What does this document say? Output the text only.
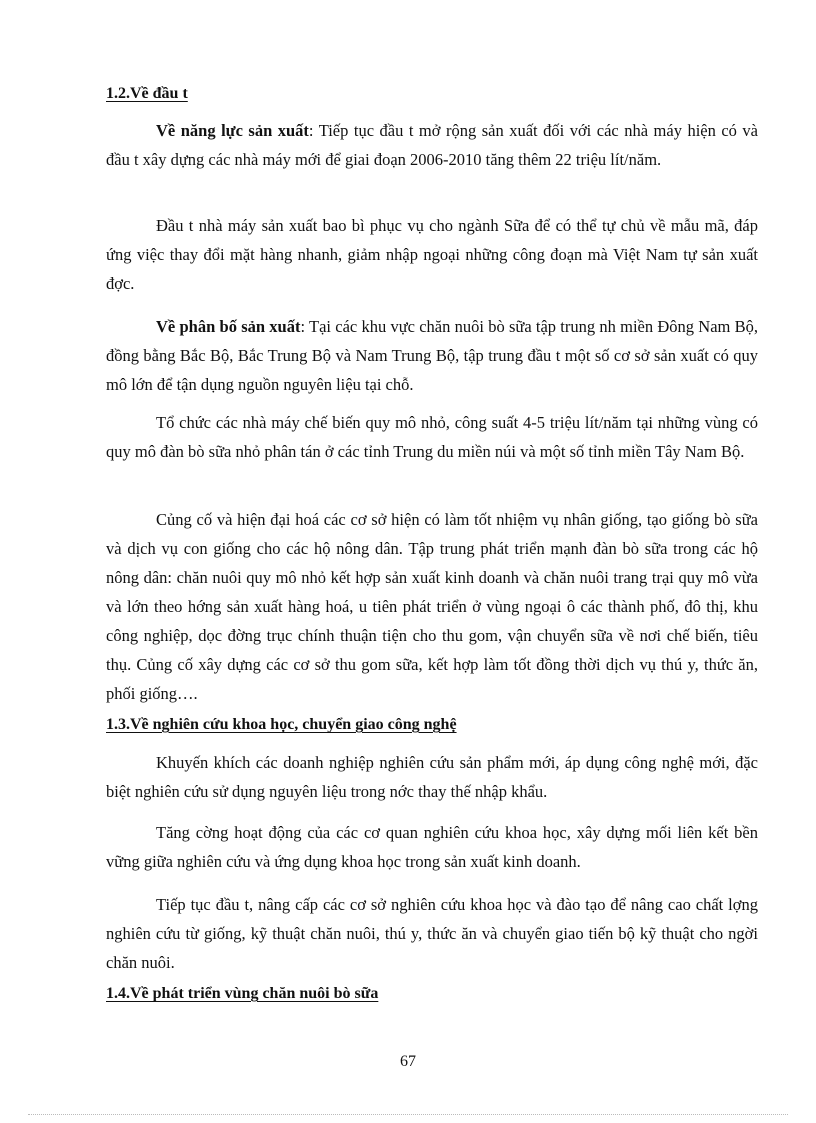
1.2.Về đầu t

Về năng lực sản xuất: Tiếp tục đầu t mở rộng sản xuất đối với các nhà máy hiện có và đầu t xây dựng các nhà máy mới để giai đoạn 2006-2010 tăng thêm 22 triệu lít/năm.

Đầu t nhà máy sản xuất bao bì phục vụ cho ngành Sữa để có thể tự chủ về mẫu mã, đáp ứng việc thay đổi mặt hàng nhanh, giảm nhập ngoại những công đoạn mà Việt Nam tự sản xuất đợc.

Về phân bố sản xuất: Tại các khu vực chăn nuôi bò sữa tập trung nh miền Đông Nam Bộ, đồng bằng Bắc Bộ, Bắc Trung Bộ và Nam Trung Bộ, tập trung đầu t một số cơ sở sản xuất có quy mô lớn để tận dụng nguồn nguyên liệu tại chỗ.

Tổ chức các nhà máy chế biến quy mô nhỏ, công suất 4-5 triệu lít/năm tại những vùng có quy mô đàn bò sữa nhỏ phân tán ở các tỉnh Trung du miền núi và một số tỉnh miền Tây Nam Bộ.

Củng cố và hiện đại hoá các cơ sở hiện có làm tốt nhiệm vụ nhân giống, tạo giống bò sữa và dịch vụ con giống cho các hộ nông dân. Tập trung phát triển mạnh đàn bò sữa trong các hộ nông dân: chăn nuôi quy mô nhỏ kết hợp sản xuất kinh doanh và chăn nuôi trang trại quy mô vừa và lớn theo hớng sản xuất hàng hoá, u tiên phát triển ở vùng ngoại ô các thành phố, đô thị, khu công nghiệp, dọc đờng trục chính thuận tiện cho thu gom, vận chuyển sữa về nơi chế biến, tiêu thụ. Củng cố xây dựng các cơ sở thu gom sữa, kết hợp làm tốt đồng thời dịch vụ thú y, thức ăn, phối giống….

1.3.Về nghiên cứu khoa học, chuyển giao công nghệ

Khuyến khích các doanh nghiệp nghiên cứu sản phẩm mới, áp dụng công nghệ mới, đặc biệt nghiên cứu sử dụng nguyên liệu trong nớc thay thế nhập khẩu.

Tăng cờng hoạt động của các cơ quan nghiên cứu khoa học, xây dựng mối liên kết bền vững giữa nghiên cứu và ứng dụng khoa học trong sản xuất kinh doanh.

Tiếp tục đầu t, nâng cấp các cơ sở nghiên cứu khoa học và đào tạo để nâng cao chất lợng nghiên cứu từ giống, kỹ thuật chăn nuôi, thú y, thức ăn và chuyển giao tiến bộ kỹ thuật cho ngời chăn nuôi.

1.4.Về phát triển vùng chăn nuôi bò sữa
67
